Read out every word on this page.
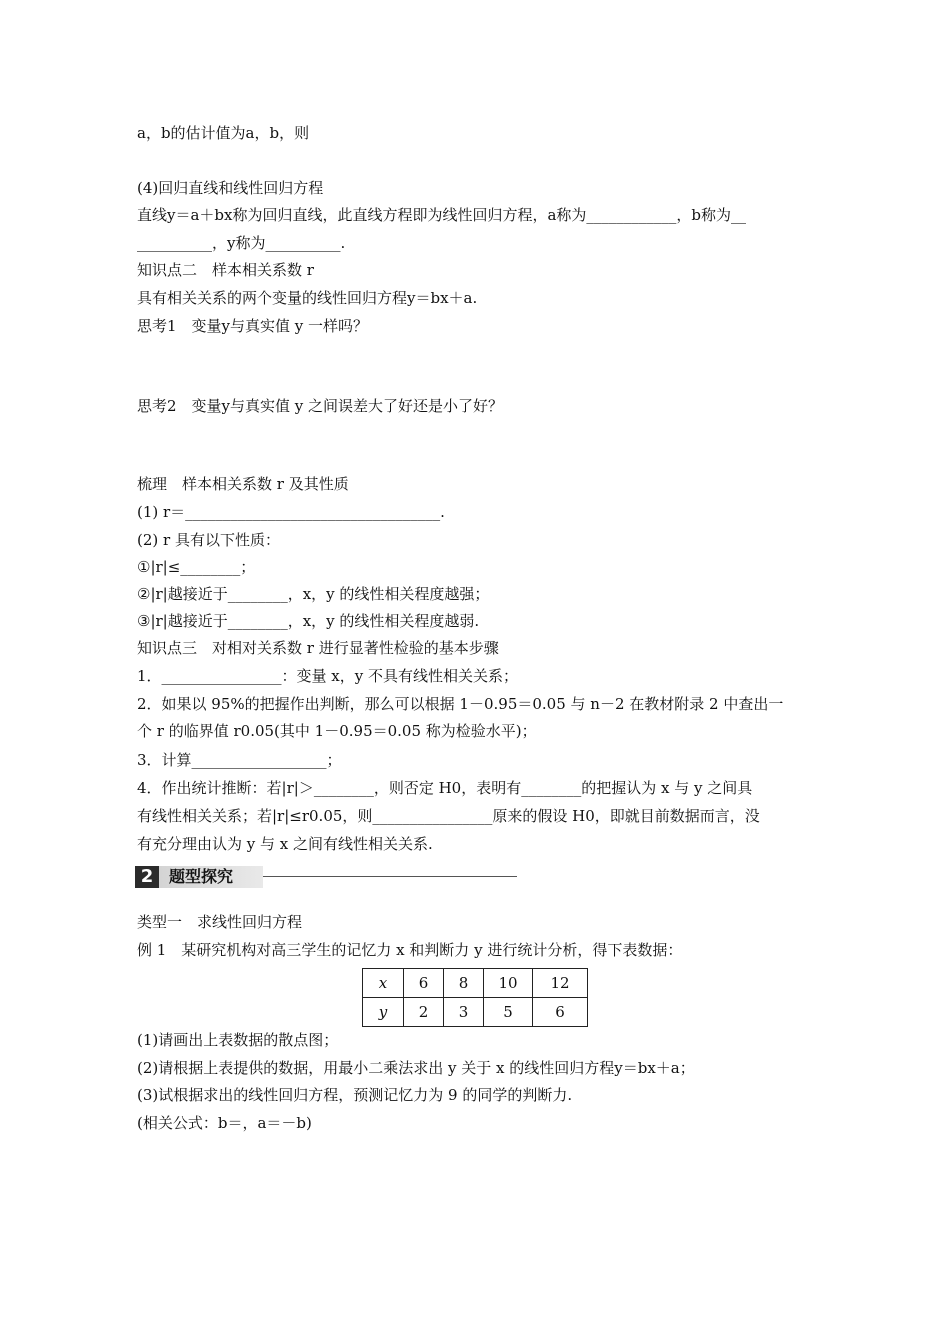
a，b的估计值为a，b，则
(4)回归直线和线性回归方程
直线y＝a＋bx称为回归直线，此直线方程即为线性回归方程，a称为____________，b称为__
__________，y称为__________.
知识点二　样本相关系数 r
具有相关关系的两个变量的线性回归方程y＝bx＋a.
思考1　变量y与真实值 y 一样吗？
思考2　变量y与真实值 y 之间误差大了好还是小了好？
梳理　样本相关系数 r 及其性质
(1) r＝__________________________________.
(2) r 具有以下性质：
①|r|≤________；
②|r|越接近于________，x，y 的线性相关程度越强；
③|r|越接近于________，x，y 的线性相关程度越弱.
知识点三　对相对关系数 r 进行显著性检验的基本步骤
1．________________：变量 x，y 不具有线性相关关系；
2．如果以 95%的把握作出判断，那么可以根据 1－0.95＝0.05 与 n－2 在教材附录 2 中查出一
个 r 的临界值 r0.05(其中 1－0.95＝0.05 称为检验水平)；
3．计算__________________；
4．作出统计推断：若|r|＞________，则否定 H0，表明有________的把握认为 x 与 y 之间具
有线性相关关系；若|r|≤r0.05，则________________原来的假设 H0，即就目前数据而言，没
有充分理由认为 y 与 x 之间有线性相关关系.
2 题型探究
类型一　求线性回归方程
例 1　某研究机构对高三学生的记忆力 x 和判断力 y 进行统计分析，得下表数据：
x	6	8	10	12
y	2	3	5	6
(1)请画出上表数据的散点图；
(2)请根据上表提供的数据，用最小二乘法求出 y 关于 x 的线性回归方程y＝bx＋a；
(3)试根据求出的线性回归方程，预测记忆力为 9 的同学的判断力.
(相关公式：b＝，a＝－b)
